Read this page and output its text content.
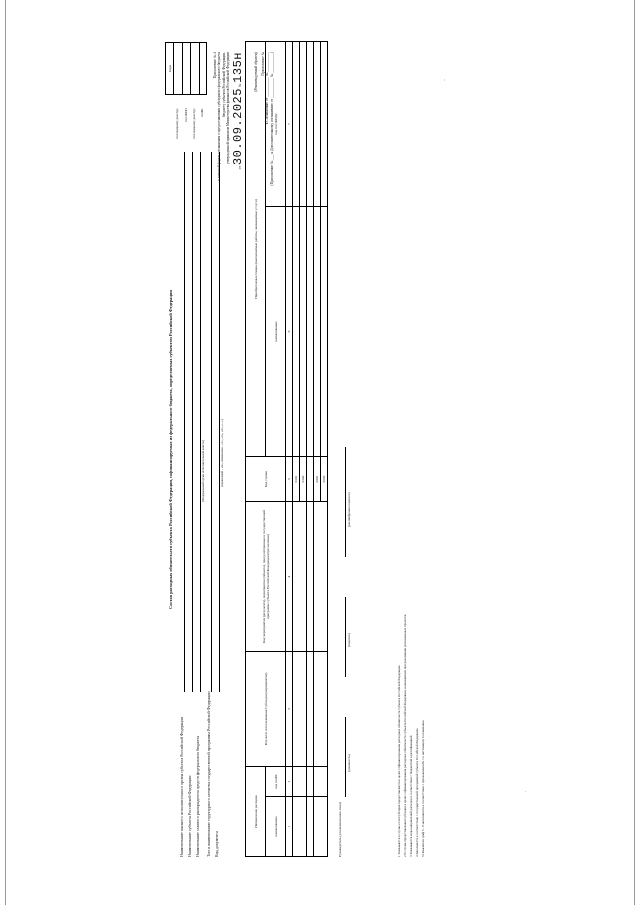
Приложение № 4 к типовой форме соглашения о предоставлении субсидии из федерального бюджета бюджету субъекта Российской Федерации, утвержденной приказом Министерства финансов Российской Федерации
от 30.09.2025 № 135н	(Рекомендуемый образец) Приложение № к Соглашению от ___________ № ___________ (Приложение № ___ к Дополнительному соглашению от ___________ № ___________)
Коды
по Сводному реестру по ОКПО по Сводному реестру по БК
Состав расходных обязательств субъекта Российской Федерации, софинансируемых из федерального бюджета, определяемых субъектом Российской Федерации
Наименование высшего исполнительного органа субъекта Российской Федерации Наименование субъекта Российской Федерации Наименование главного распорядителя средств федерального бюджета
(Федеральный орган исполнительной власти)
Тип и наименование структурного элемента государственной программы Российской Федерации Вид документа
(первичный - «0», изменения - «1», «2», «3», «...»)
Направление расходов		Результат использования Субсидии (мероприятие)	Код мероприятия (результата), мероприятия (объекта), предусмотренные в государственной программе субъекта Российской Федерации (при наличии)	Код строки	Приобретаемые товары (выполняемые работы, оказываемые услуги)	
наименование	код по БК				наименование	код по ОКПД2
1	2	3	4	5	6	7
				0101		
				0102		

				0201		
				0202		
Руководитель (уполномоченное лицо)
(должность)
(подпись)
(расшифровка подписи)
1 Указывается в случае если Субсидия предоставляется в целях софинансирования расходных обязательств субъекта Российской Федерации. 2 В случае предоставления Субсидии в целях софинансирования расходных обязательств субъекта Российской Федерации, возникающих при реализации региональных проектов. 3 Указываются коды направлений расходов в соответствии с бюджетной классификацией. 4 Заполняется в соответствии с государственной программой субъекта Российской Федерации. 5 Показатели граф 5 - 8 заполняются в соответствии с приложением № 1 к настоящему Соглашению.
'
·
